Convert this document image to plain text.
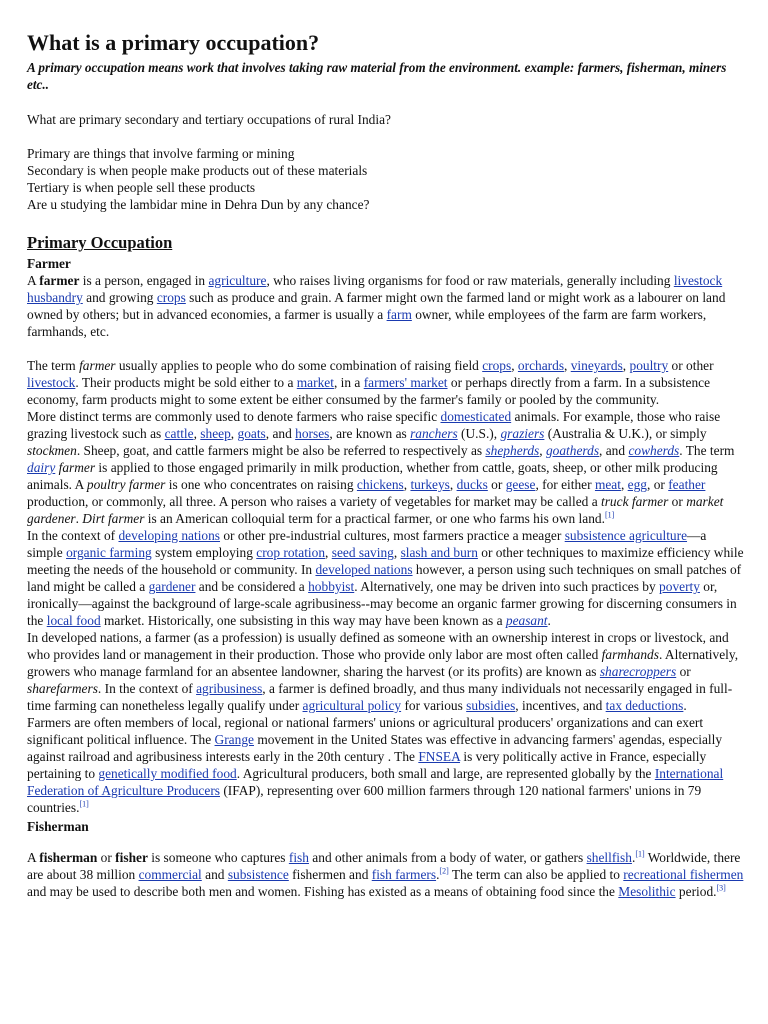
What is a primary occupation?

A primary occupation means work that involves taking raw material from the environment. example: farmers, fisherman, miners etc..

What are primary secondary and tertiary occupations of rural India?

Primary are things that involve farming or mining

Secondary is when people make products out of these materials

Tertiary is when people sell these products

Are u studying the lambidar mine in Dehra Dun by any chance?

Primary Occupation
Farmer

A farmer is a person, engaged in agriculture, who raises living organisms for food or raw materials, generally including livestock husbandry and growing crops such as produce and grain. A farmer might own the farmed land or might work as a labourer on land owned by others; but in advanced economies, a farmer is usually a farm owner, while employees of the farm are farm workers, farmhands, etc.

The term farmer usually applies to people who do some combination of raising field crops, orchards, vineyards, poultry or other livestock. Their products might be sold either to a market, in a farmers' market or perhaps directly from a farm. In a subsistence economy, farm products might to some extent be either consumed by the farmer's family or pooled by the community.

More distinct terms are commonly used to denote farmers who raise specific domesticated animals. For example, those who raise grazing livestock such as cattle, sheep, goats, and horses, are known as ranchers (U.S.), graziers (Australia & U.K.), or simply stockmen. Sheep, goat, and cattle farmers might be also be referred to respectively as shepherds, goatherds, and cowherds. The term dairy farmer is applied to those engaged primarily in milk production, whether from cattle, goats, sheep, or other milk producing animals. A poultry farmer is one who concentrates on raising chickens, turkeys, ducks or geese, for either meat, egg, or feather production, or commonly, all three. A person who raises a variety of vegetables for market may be called a truck farmer or market gardener. Dirt farmer is an American colloquial term for a practical farmer, or one who farms his own land.[1]

In the context of developing nations or other pre-industrial cultures, most farmers practice a meager subsistence agriculture—a simple organic farming system employing crop rotation, seed saving, slash and burn or other techniques to maximize efficiency while meeting the needs of the household or community. In developed nations however, a person using such techniques on small patches of land might be called a gardener and be considered a hobbyist. Alternatively, one may be driven into such practices by poverty or, ironically—against the background of large-scale agribusiness--may become an organic farmer growing for discerning consumers in the local food market. Historically, one subsisting in this way may have been known as a peasant.

In developed nations, a farmer (as a profession) is usually defined as someone with an ownership interest in crops or livestock, and who provides land or management in their production. Those who provide only labor are most often called farmhands. Alternatively, growers who manage farmland for an absentee landowner, sharing the harvest (or its profits) are known as sharecroppers or sharefarmers. In the context of agribusiness, a farmer is defined broadly, and thus many individuals not necessarily engaged in full-time farming can nonetheless legally qualify under agricultural policy for various subsidies, incentives, and tax deductions.

Farmers are often members of local, regional or national farmers' unions or agricultural producers' organizations and can exert significant political influence. The Grange movement in the United States was effective in advancing farmers' agendas, especially against railroad and agribusiness interests early in the 20th century . The FNSEA is very politically active in France, especially pertaining to genetically modified food. Agricultural producers, both small and large, are represented globally by the International Federation of Agriculture Producers (IFAP), representing over 600 million farmers through 120 national farmers' unions in 79 countries.[1]

Fisherman

A fisherman or fisher is someone who captures fish and other animals from a body of water, or gathers shellfish.[1] Worldwide, there are about 38 million commercial and subsistence fishermen and fish farmers.[2] The term can also be applied to recreational fishermen and may be used to describe both men and women. Fishing has existed as a means of obtaining food since the Mesolithic period.[3]
